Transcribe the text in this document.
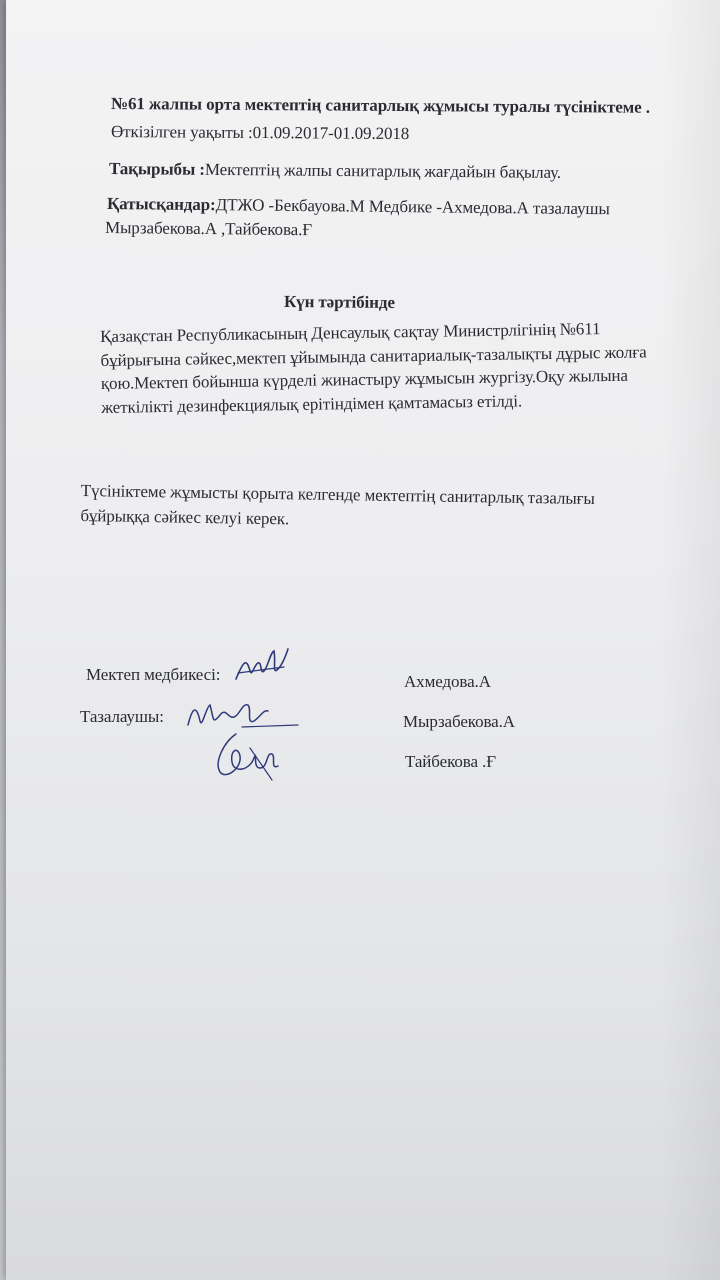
№61 жалпы орта мектептің санитарлық жұмысы туралы түсініктеме .
Өткізілген уақыты :01.09.2017-01.09.2018
Тақырыбы :Мектептің жалпы санитарлық жағдайын бақылау.
Қатысқандар:ДТЖО -Бекбауова.М Медбике -Ахмедова.А тазалаушы
Мырзабекова.А ,Тайбекова.Ғ
Күн тәртібінде
Қазақстан Республикасының Денсаулық сақтау Министрлігінің №611
бұйрығына сәйкес,мектеп ұйымында санитариалық-тазалықты дұрыс жолға
қою.Мектеп бойынша күрделі жинастыру жұмысын жургізу.Оқу жылына
жеткілікті дезинфекциялық ерітіндімен қамтамасыз етілді.
Түсініктеме жұмысты қорыта келгенде мектептің санитарлық тазалығы
бұйрыққа сәйкес келуі керек.
Мектеп медбикесі:
Тазалаушы:
Ахмедова.А
Мырзабекова.А
Тайбекова .Ғ
